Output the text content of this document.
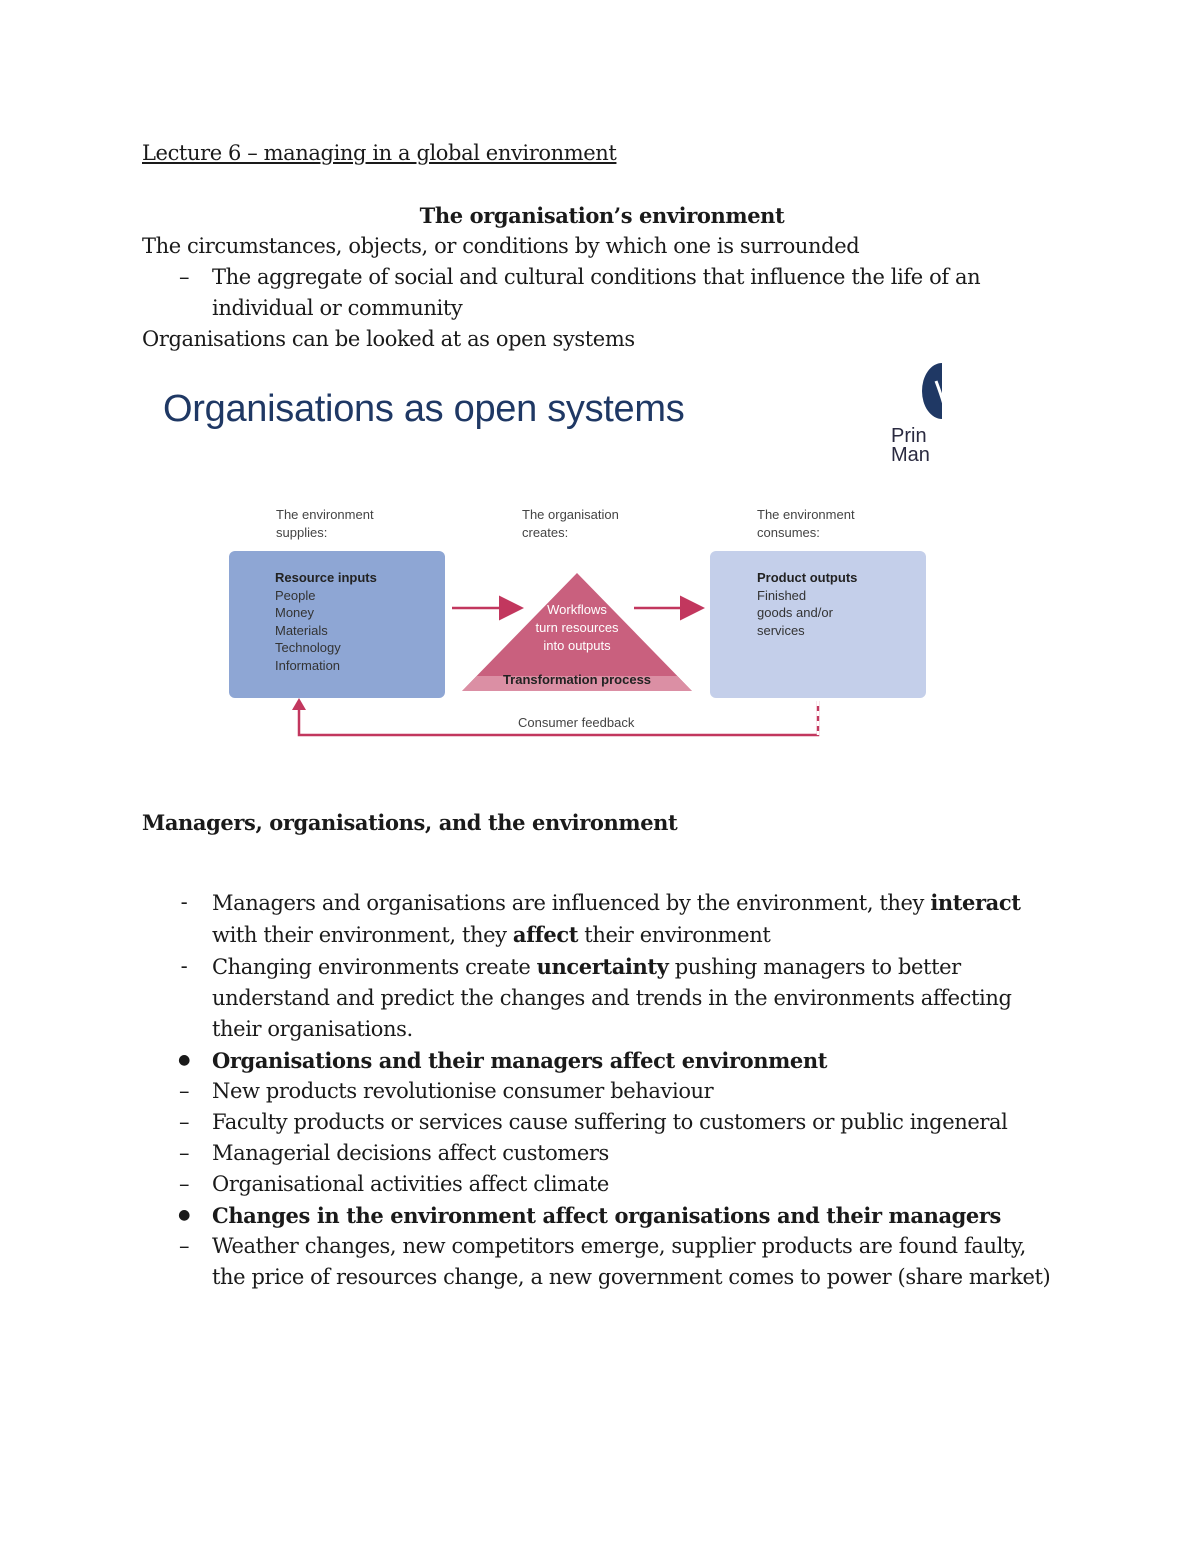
Lecture 6 – managing in a global environment
The organisation’s environment

The circumstances, objects, or conditions by which one is surrounded

– The aggregate of social and cultural conditions that influence the life of an individual or community

Organisations can be looked at as open systems

Organisations as open systems
Prin
Man
The environment
supplies:
The organisation
creates:
The environment
consumes:
Resource inputs
People
Money
Materials
Technology
Information
Workflows
turn resources
into outputs
Transformation process
Product outputs
Finished
goods and/or
services
Consumer feedback
Managers, organisations, and the environment
-	Managers and organisations are influenced by the environment, they interact with their environment, they affect their environment
-	Changing environments create uncertainty pushing managers to better understand and predict the changes and trends in the environments affecting their organisations.
● Organisations and their managers affect environment
– New products revolutionise consumer behaviour
– Faculty products or services cause suffering to customers or public ingeneral
– Managerial decisions affect customers
– Organisational activities affect climate
● Changes in the environment affect organisations and their managers
– Weather changes, new competitors emerge, supplier products are found faulty, the price of resources change, a new government comes to power (share market)
